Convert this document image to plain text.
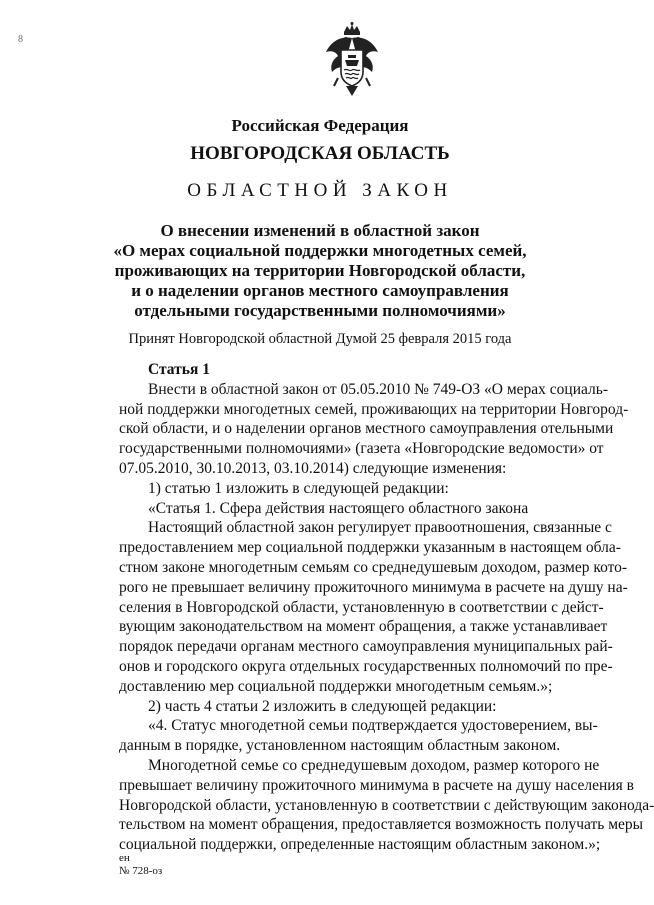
8
Российская Федерация
НОВГОРОДСКАЯ ОБЛАСТЬ
ОБЛАСТНОЙ ЗАКОН
О внесении изменений в областной закон
«О мерах социальной поддержки многодетных семей,
проживающих на территории Новгородской области,
и о наделении органов местного самоуправления
отдельными государственными полномочиями»
Принят Новгородской областной Думой 25 февраля 2015 года
Статья 1
Внести в областной закон от 05.05.2010 № 749-ОЗ «О мерах социаль-
ной поддержки многодетных семей, проживающих на территории Новгород-
ской области, и о наделении органов местного самоуправления отельными
государственными полномочиями» (газета «Новгородские ведомости» от
07.05.2010, 30.10.2013, 03.10.2014) следующие изменения:
1) статью 1 изложить в следующей редакции:
«Статья 1. Сфера действия настоящего областного закона
Настоящий областной закон регулирует правоотношения, связанные с
предоставлением мер социальной поддержки указанным в настоящем обла-
стном законе многодетным семьям со среднедушевым доходом, размер кото-
рого не превышает величину прожиточного минимума в расчете на душу на-
селения в Новгородской области, установленную в соответствии с дейст-
вующим законодательством на момент обращения, а также устанавливает
порядок передачи органам местного самоуправления муниципальных рай-
онов и городского округа отдельных государственных полномочий по пре-
доставлению мер социальной поддержки многодетным семьям.»;
2) часть 4 статьи 2 изложить в следующей редакции:
«4. Статус многодетной семьи подтверждается удостоверением, вы-
данным в порядке, установленном настоящим областным законом.
Многодетной семье со среднедушевым доходом, размер которого не
превышает величину прожиточного минимума в расчете на душу населения в
Новгородской области, установленную в соответствии с действующим законода-
тельством на момент обращения, предоставляется возможность получать меры
социальной поддержки, определенные настоящим областным законом.»;
ен
№ 728-оз
